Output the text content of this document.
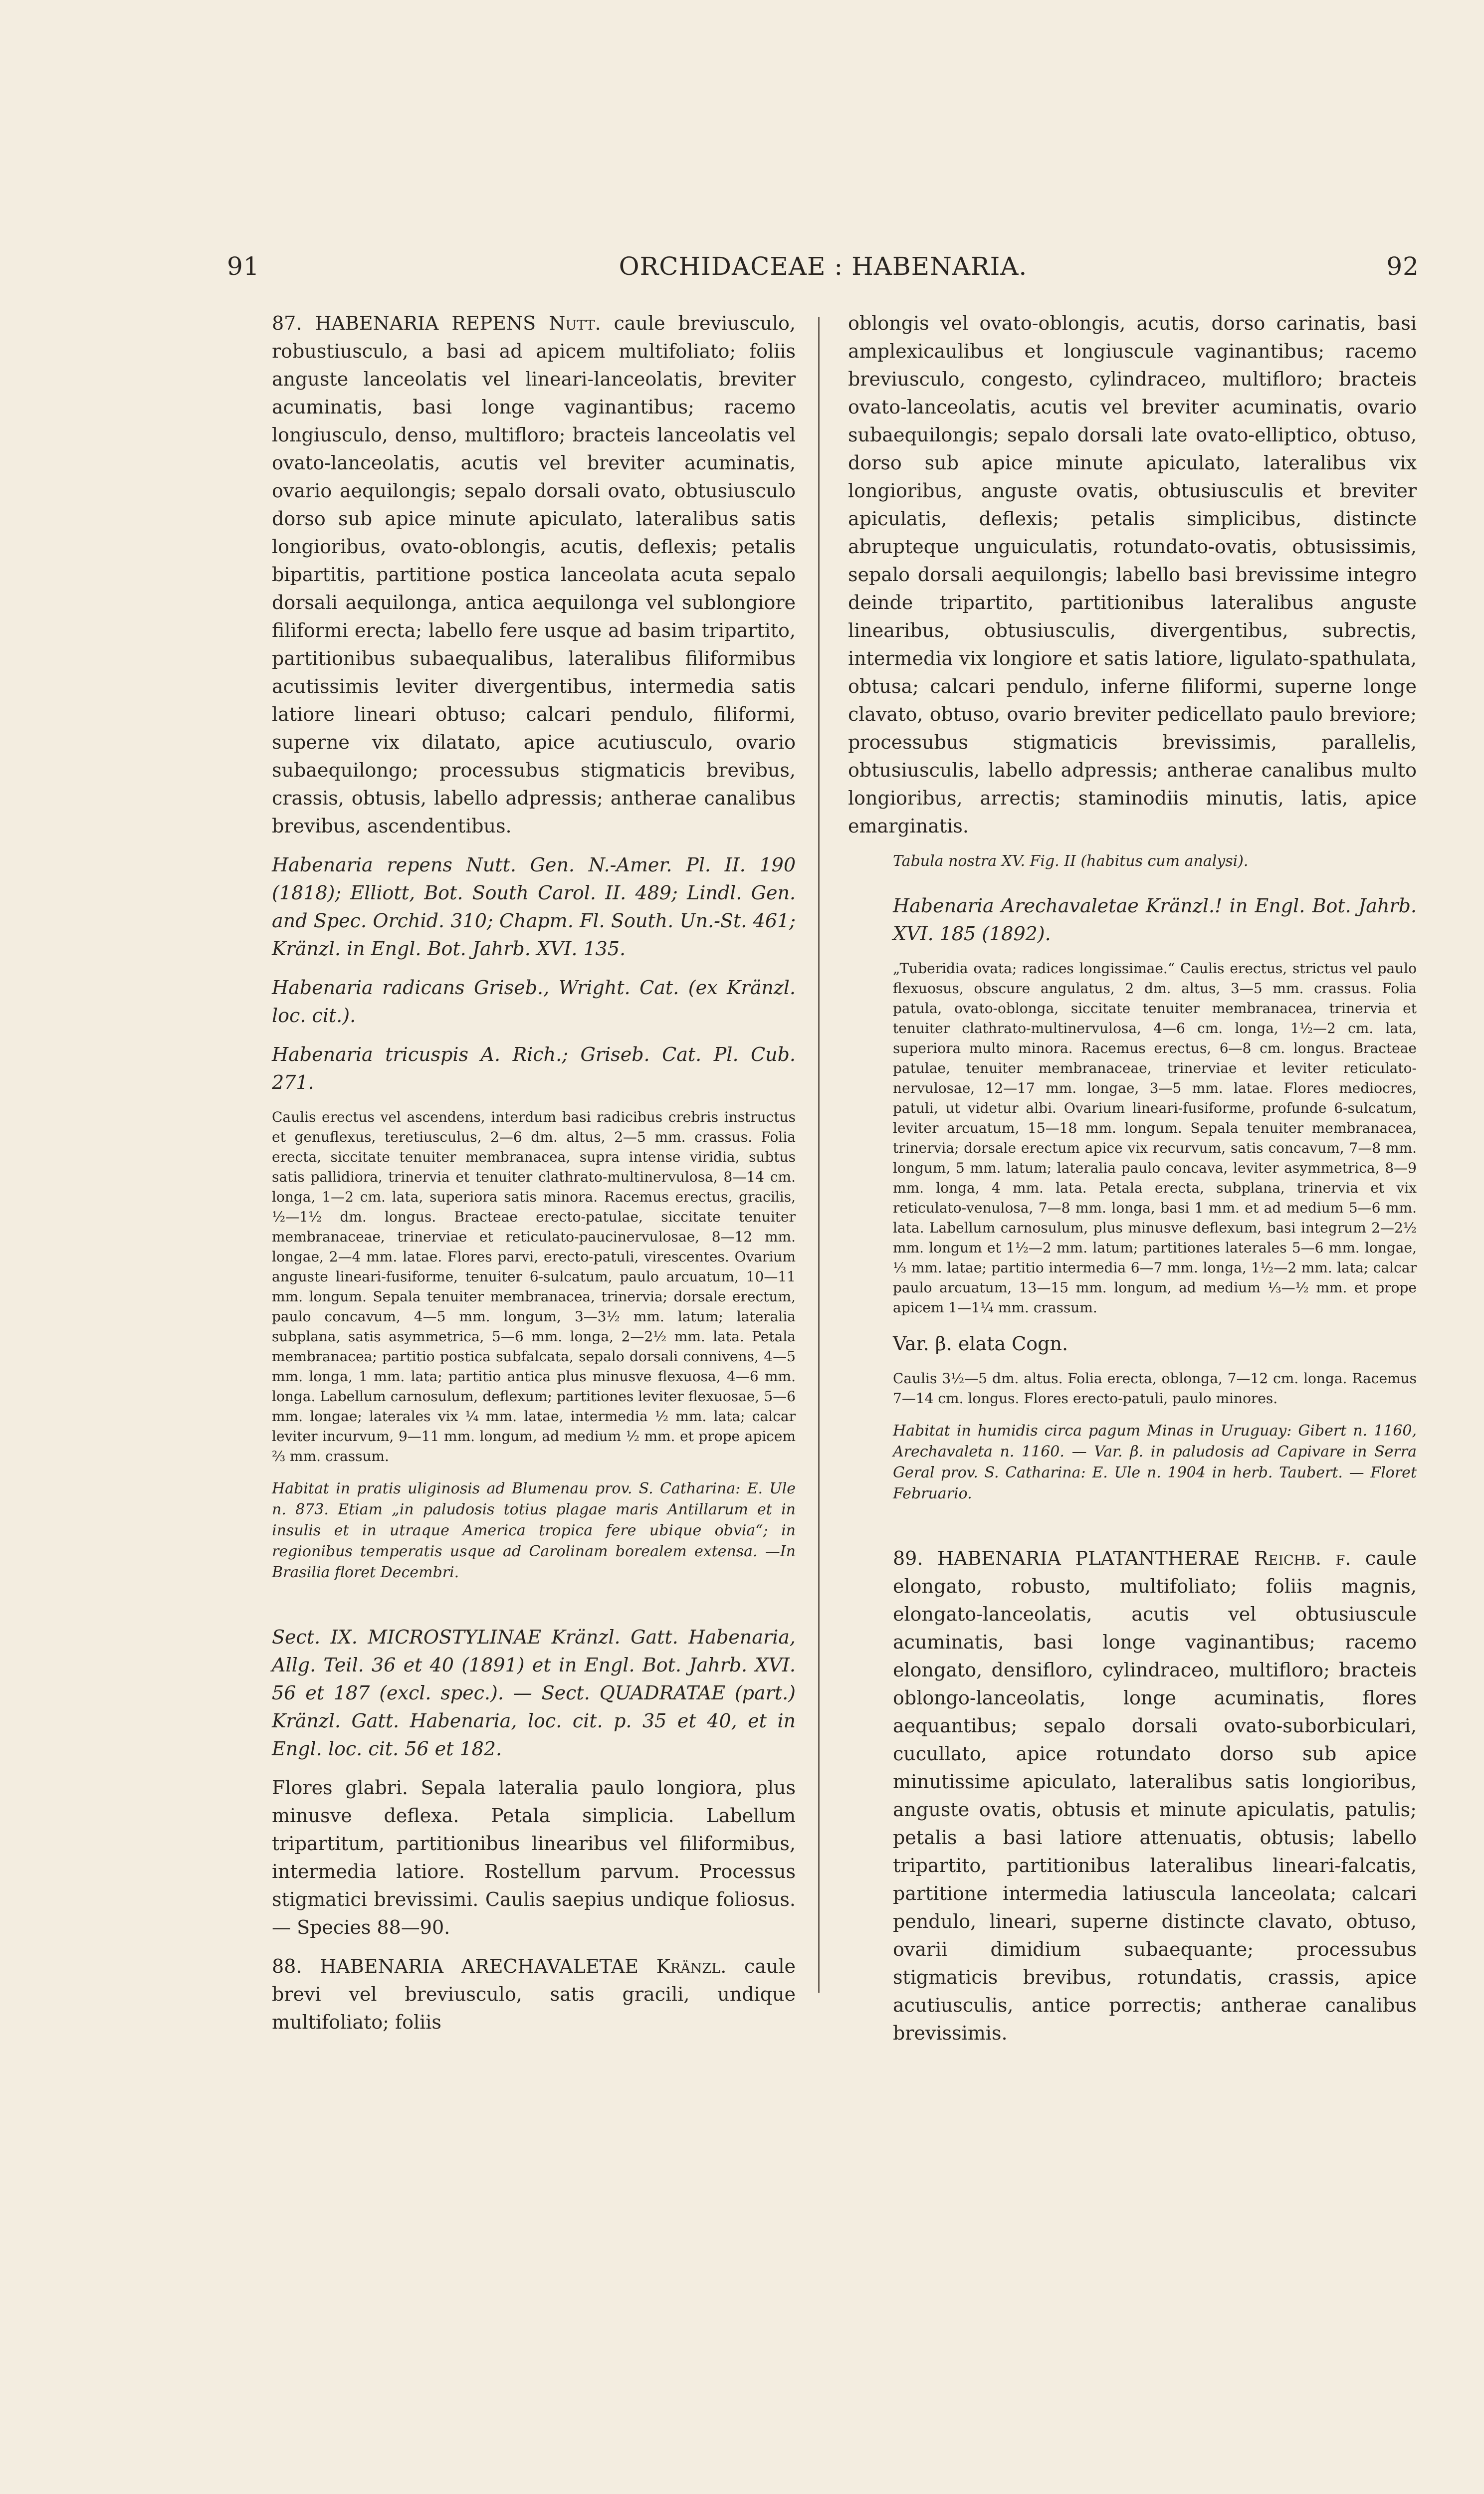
91	ORCHIDACEAE : HABENARIA.	92

87. HABENARIA REPENS Nutt. caule breviusculo, robustiusculo, a basi ad apicem multifoliato; foliis anguste lanceolatis vel lineari-lanceolatis, breviter acuminatis, basi longe vaginantibus; racemo longiusculo, denso, multifloro; bracteis lanceolatis vel ovato-lanceolatis, acutis vel breviter acuminatis, ovario aequilongis; sepalo dorsali ovato, obtusiusculo dorso sub apice minute apiculato, lateralibus satis longioribus, ovato-oblongis, acutis, deflexis; petalis bipartitis, partitione postica lanceolata acuta sepalo dorsali aequilonga, antica aequilonga vel sublongiore filiformi erecta; labello fere usque ad basim tripartito, partitionibus subaequalibus, lateralibus filiformibus acutissimis leviter divergentibus, intermedia satis latiore lineari obtuso; calcari pendulo, filiformi, superne vix dilatato, apice acutiusculo, ovario subaequilongo; processubus stigmaticis brevibus, crassis, obtusis, labello adpressis; antherae canalibus brevibus, ascendentibus.

Habenaria repens Nutt. Gen. N.-Amer. Pl. II. 190 (1818); Elliott, Bot. South Carol. II. 489; Lindl. Gen. and Spec. Orchid. 310; Chapm. Fl. South. Un.-St. 461; Kränzl. in Engl. Bot. Jahrb. XVI. 135.

Habenaria radicans Griseb., Wright. Cat. (ex Kränzl. loc. cit.).

Habenaria tricuspis A. Rich.; Griseb. Cat. Pl. Cub. 271.

Caulis erectus vel ascendens, interdum basi radicibus crebris instructus et genuflexus, teretiusculus, 2—6 dm. altus, 2—5 mm. crassus. Folia erecta, siccitate tenuiter membranacea, supra intense viridia, subtus satis pallidiora, trinervia et tenuiter clathrato-multinervulosa, 8—14 cm. longa, 1—2 cm. lata, superiora satis minora. Racemus erectus, gracilis, ½—1½ dm. longus. Bracteae erecto-patulae, siccitate tenuiter membranaceae, trinerviae et reticulato-paucinervulosae, 8—12 mm. longae, 2—4 mm. latae. Flores parvi, erecto-patuli, virescentes. Ovarium anguste lineari-fusiforme, tenuiter 6-sulcatum, paulo arcuatum, 10—11 mm. longum. Sepala tenuiter membranacea, trinervia; dorsale erectum, paulo concavum, 4—5 mm. longum, 3—3½ mm. latum; lateralia subplana, satis asymmetrica, 5—6 mm. longa, 2—2½ mm. lata. Petala membranacea; partitio postica subfalcata, sepalo dorsali connivens, 4—5 mm. longa, 1 mm. lata; partitio antica plus minusve flexuosa, 4—6 mm. longa. Labellum carnosulum, deflexum; partitiones leviter flexuosae, 5—6 mm. longae; laterales vix ¼ mm. latae, intermedia ½ mm. lata; calcar leviter incurvum, 9—11 mm. longum, ad medium ½ mm. et prope apicem ⅔ mm. crassum.

Habitat in pratis uliginosis ad Blumenau prov. S. Catharina: E. Ule n. 873. Etiam „in paludosis totius plagae maris Antillarum et in insulis et in utraque America tropica fere ubique obvia“; in regionibus temperatis usque ad Carolinam borealem extensa. —In Brasilia floret Decembri.

Sect. IX. MICROSTYLINAE Kränzl. Gatt. Habenaria, Allg. Teil. 36 et 40 (1891) et in Engl. Bot. Jahrb. XVI. 56 et 187 (excl. spec.). — Sect. QUADRATAE (part.) Kränzl. Gatt. Habenaria, loc. cit. p. 35 et 40, et in Engl. loc. cit. 56 et 182.

Flores glabri. Sepala lateralia paulo longiora, plus minusve deflexa. Petala simplicia. Labellum tripartitum, partitionibus linearibus vel filiformibus, intermedia latiore. Rostellum parvum. Processus stigmatici brevissimi. Caulis saepius undique foliosus. — Species 88—90.

88. HABENARIA ARECHAVALETAE Kränzl. caule brevi vel breviusculo, satis gracili, undique multifoliato; foliis

oblongis vel ovato-oblongis, acutis, dorso carinatis, basi amplexicaulibus et longiuscule vaginantibus; racemo breviusculo, congesto, cylindraceo, multifloro; bracteis ovato-lanceolatis, acutis vel breviter acuminatis, ovario subaequilongis; sepalo dorsali late ovato-elliptico, obtuso, dorso sub apice minute apiculato, lateralibus vix longioribus, anguste ovatis, obtusiusculis et breviter apiculatis, deflexis; petalis simplicibus, distincte abrupteque unguiculatis, rotundato-ovatis, obtusissimis, sepalo dorsali aequilongis; labello basi brevissime integro deinde tripartito, partitionibus lateralibus anguste linearibus, obtusiusculis, divergentibus, subrectis, intermedia vix longiore et satis latiore, ligulato-spathulata, obtusa; calcari pendulo, inferne filiformi, superne longe clavato, obtuso, ovario breviter pedicellato paulo breviore; processubus stigmaticis brevissimis, parallelis, obtusiusculis, labello adpressis; antherae canalibus multo longioribus, arrectis; staminodiis minutis, latis, apice emarginatis.

Tabula nostra XV. Fig. II (habitus cum analysi).

Habenaria Arechavaletae Kränzl.! in Engl. Bot. Jahrb. XVI. 185 (1892).

„Tuberidia ovata; radices longissimae.“ Caulis erectus, strictus vel paulo flexuosus, obscure angulatus, 2 dm. altus, 3—5 mm. crassus. Folia patula, ovato-oblonga, siccitate tenuiter membranacea, trinervia et tenuiter clathrato-multinervulosa, 4—6 cm. longa, 1½—2 cm. lata, superiora multo minora. Racemus erectus, 6—8 cm. longus. Bracteae patulae, tenuiter membranaceae, trinerviae et leviter reticulato-nervulosae, 12—17 mm. longae, 3—5 mm. latae. Flores mediocres, patuli, ut videtur albi. Ovarium lineari-fusiforme, profunde 6-sulcatum, leviter arcuatum, 15—18 mm. longum. Sepala tenuiter membranacea, trinervia; dorsale erectum apice vix recurvum, satis concavum, 7—8 mm. longum, 5 mm. latum; lateralia paulo concava, leviter asymmetrica, 8—9 mm. longa, 4 mm. lata. Petala erecta, subplana, trinervia et vix reticulato-venulosa, 7—8 mm. longa, basi 1 mm. et ad medium 5—6 mm. lata. Labellum carnosulum, plus minusve deflexum, basi integrum 2—2½ mm. longum et 1½—2 mm. latum; partitiones laterales 5—6 mm. longae, ⅓ mm. latae; partitio intermedia 6—7 mm. longa, 1½—2 mm. lata; calcar paulo arcuatum, 13—15 mm. longum, ad medium ⅓—½ mm. et prope apicem 1—1¼ mm. crassum.

Var. β. elata Cogn.

Caulis 3½—5 dm. altus. Folia erecta, oblonga, 7—12 cm. longa. Racemus 7—14 cm. longus. Flores erecto-patuli, paulo minores.

Habitat in humidis circa pagum Minas in Uruguay: Gibert n. 1160, Arechavaleta n. 1160. — Var. β. in paludosis ad Capivare in Serra Geral prov. S. Catharina: E. Ule n. 1904 in herb. Taubert. — Floret Februario.

89. HABENARIA PLATANTHERAE Reichb. f. caule elongato, robusto, multifoliato; foliis magnis, elongato-lanceolatis, acutis vel obtusiuscule acuminatis, basi longe vaginantibus; racemo elongato, densifloro, cylindraceo, multifloro; bracteis oblongo-lanceolatis, longe acuminatis, flores aequantibus; sepalo dorsali ovato-suborbiculari, cucullato, apice rotundato dorso sub apice minutissime apiculato, lateralibus satis longioribus, anguste ovatis, obtusis et minute apiculatis, patulis; petalis a basi latiore attenuatis, obtusis; labello tripartito, partitionibus lateralibus lineari-falcatis, partitione intermedia latiuscula lanceolata; calcari pendulo, lineari, superne distincte clavato, obtuso, ovarii dimidium subaequante; processubus stigmaticis brevibus, rotundatis, crassis, apice acutiusculis, antice porrectis; antherae canalibus brevissimis.
